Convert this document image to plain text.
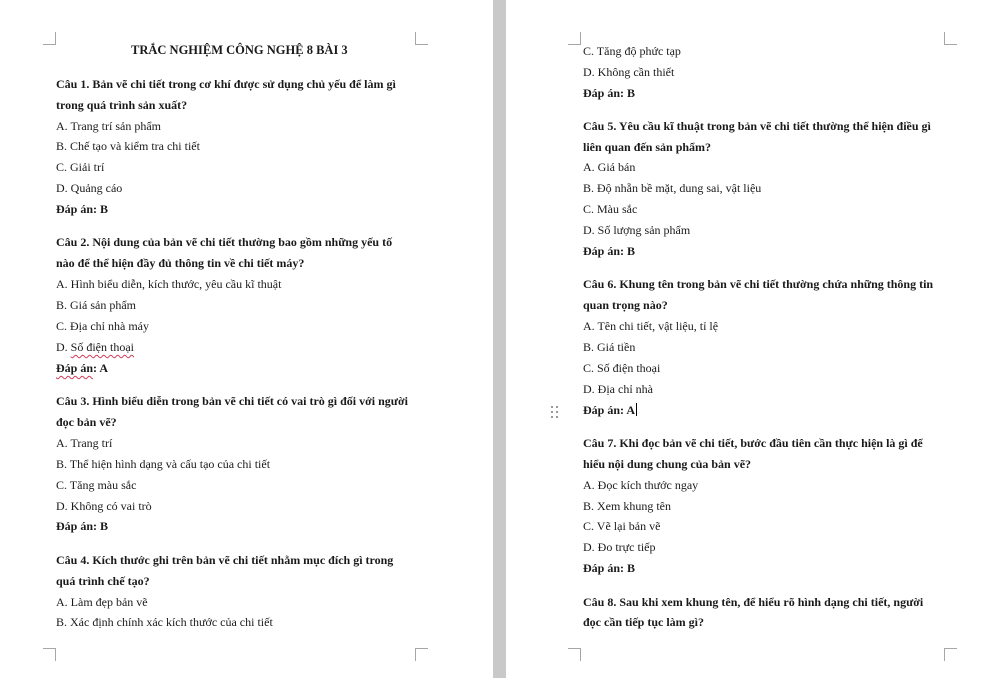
TRẮC NGHIỆM CÔNG NGHỆ 8 BÀI 3
Câu 1. Bản vẽ chi tiết trong cơ khí được sử dụng chủ yếu để làm gì
trong quá trình sản xuất?
A. Trang trí sản phẩm
B. Chế tạo và kiểm tra chi tiết
C. Giải trí
D. Quảng cáo
Đáp án: B
Câu 2. Nội dung của bản vẽ chi tiết thường bao gồm những yếu tố
nào để thể hiện đầy đủ thông tin về chi tiết máy?
A. Hình biểu diễn, kích thước, yêu cầu kĩ thuật
B. Giá sản phẩm
C. Địa chỉ nhà máy
D. Số điện thoại
Đáp án: A
Câu 3. Hình biểu diễn trong bản vẽ chi tiết có vai trò gì đối với người
đọc bản vẽ?
A. Trang trí
B. Thể hiện hình dạng và cấu tạo của chi tiết
C. Tăng màu sắc
D. Không có vai trò
Đáp án: B
Câu 4. Kích thước ghi trên bản vẽ chi tiết nhằm mục đích gì trong
quá trình chế tạo?
A. Làm đẹp bản vẽ
B. Xác định chính xác kích thước của chi tiết
C. Tăng độ phức tạp
D. Không cần thiết
Đáp án: B
Câu 5. Yêu cầu kĩ thuật trong bản vẽ chi tiết thường thể hiện điều gì
liên quan đến sản phẩm?
A. Giá bán
B. Độ nhẵn bề mặt, dung sai, vật liệu
C. Màu sắc
D. Số lượng sản phẩm
Đáp án: B
Câu 6. Khung tên trong bản vẽ chi tiết thường chứa những thông tin
quan trọng nào?
A. Tên chi tiết, vật liệu, tỉ lệ
B. Giá tiền
C. Số điện thoại
D. Địa chỉ nhà
Đáp án: A
Câu 7. Khi đọc bản vẽ chi tiết, bước đầu tiên cần thực hiện là gì để
hiểu nội dung chung của bản vẽ?
A. Đọc kích thước ngay
B. Xem khung tên
C. Vẽ lại bản vẽ
D. Đo trực tiếp
Đáp án: B
Câu 8. Sau khi xem khung tên, để hiểu rõ hình dạng chi tiết, người
đọc cần tiếp tục làm gì?
